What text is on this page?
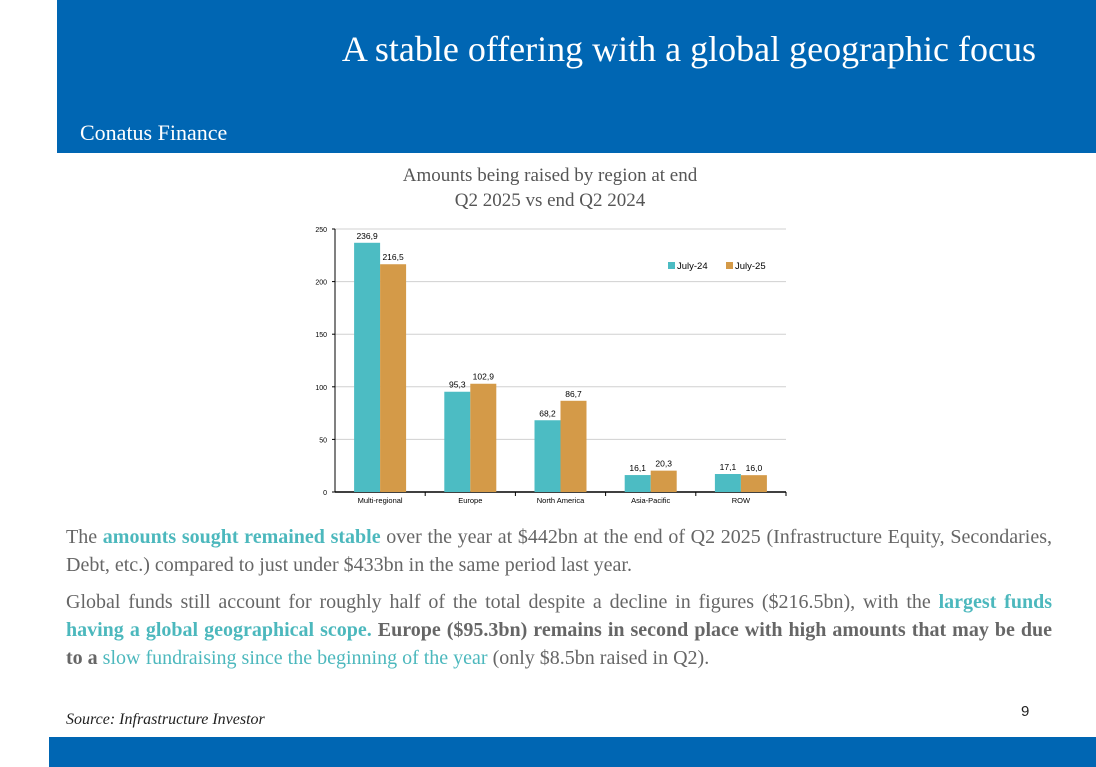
A stable offering with a global geographic focus
Conatus Finance
Amounts being raised by region at end
Q2 2025 vs end Q2 2024
0
50
100
150
200
250
236,9
216,5
Multi-regional
95,3
102,9
Europe
68,2
86,7
North America
16,1 20,3
Asia-Pacific
17,1 16,0
ROW
July-24	July-25
The amounts sought remained stable over the year at $442bn at the end of Q2 2025 (Infrastructure Equity, Secondaries, Debt, etc.) compared to just under $433bn in the same period last year.
Global funds still account for roughly half of the total despite a decline in figures ($216.5bn), with the largest funds having a global geographical scope. Europe ($95.3bn) remains in second place with high amounts that may be due to a slow fundraising since the beginning of the year (only $8.5bn raised in Q2).
Source: Infrastructure Investor	9
